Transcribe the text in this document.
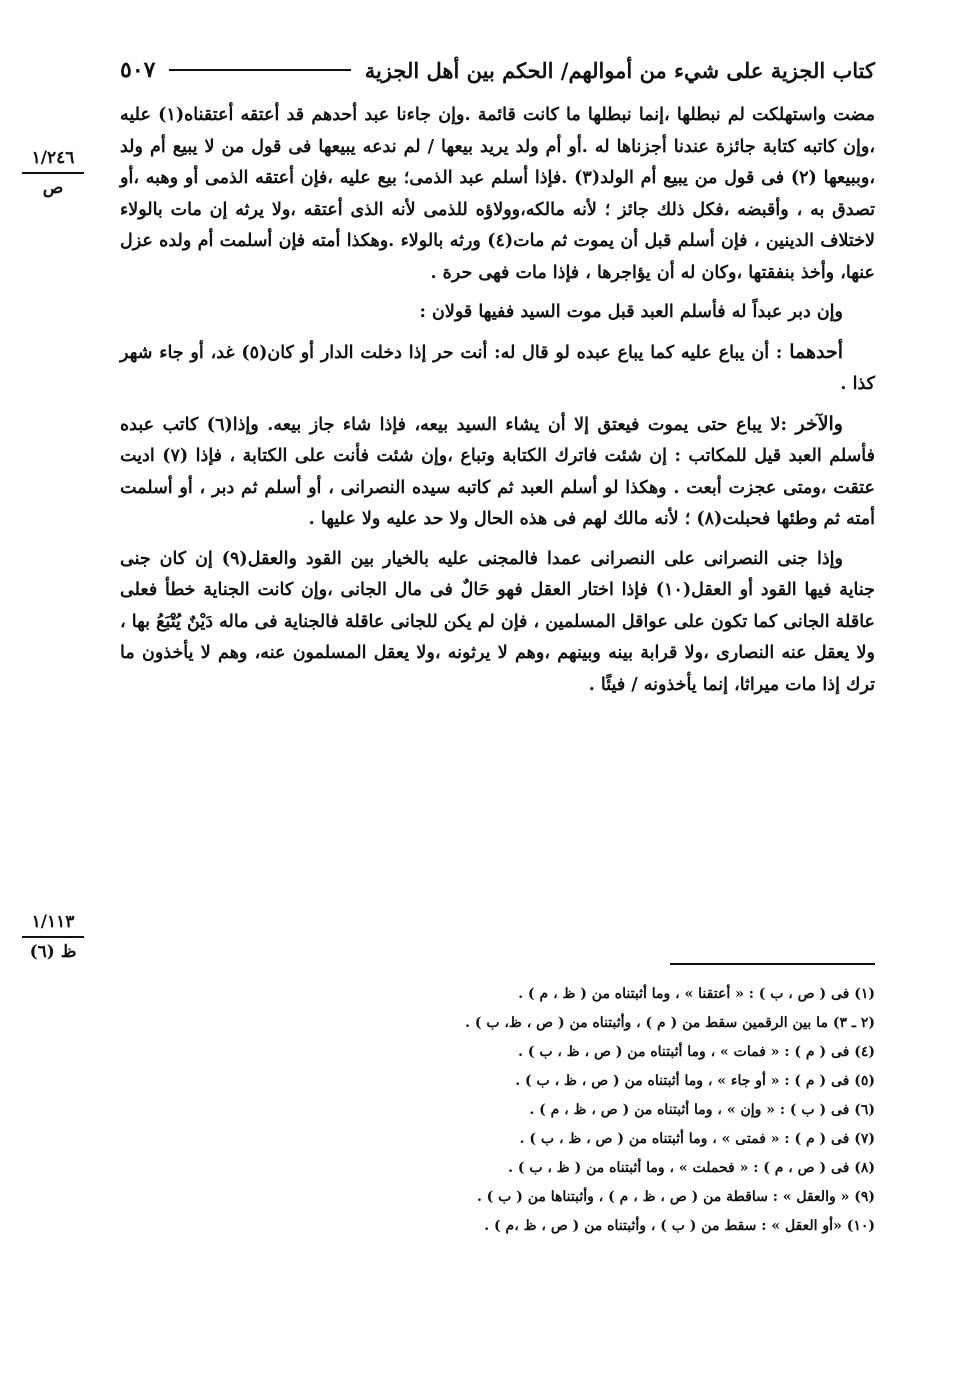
كتاب الجزية على شيء من أموالهم/ الحكم بين أهل الجزية
٥٠٧
١/٢٤٦
ص
١/١١٣
ظ (٦)

مضت واستهلكت لم نبطلها ،إنما نبطلها ما كانت قائمة .وإن جاءنا عبد أحدهم قد أعتقه أعتقناه(١) عليه ،وإن كاتبه كتابة جائزة عندنا أجزناها له .أو أم ولد يريد بيعها / لم ندعه يبيعها فى قول من لا يبيع أم ولد ،وببيعها (٢) فى قول من يبيع أم الولد(٣) .فإذا أسلم عبد الذمى؛ بيع عليه ،فإن أعتقه الذمى أو وهبه ،أو تصدق به ، وأقبضه ،فكل ذلك جائز ؛ لأنه مالكه،وولاؤه للذمى لأنه الذى أعتقه ،ولا يرثه إن مات بالولاء لاختلاف الدينين ، فإن أسلم قبل أن يموت ثم مات(٤) ورثه بالولاء .وهكذا أمته فإن أسلمت أم ولده عزل عنها، وأخذ بنفقتها ،وكان له أن يؤاجرها ، فإذا مات فهى حرة .

وإن دبر عبداً له فأسلم العبد قبل موت السيد ففيها قولان :

أحدهما : أن يباع عليه كما يباع عبده لو قال له: أنت حر إذا دخلت الدار أو كان(٥) غد، أو جاء شهر كذا .

والآخر :لا يباع حتى يموت فيعتق إلا أن يشاء السيد بيعه، فإذا شاء جاز بيعه. وإذا(٦) كاتب عبده فأسلم العبد قيل للمكاتب : إن شئت فاترك الكتابة وتباع ،وإن شئت فأنت على الكتابة ، فإذا (٧) اديت عتقت ،ومتى عجزت أبعت . وهكذا لو أسلم العبد ثم كاتبه سيده النصرانى ، أو أسلم ثم دبر ، أو أسلمت أمته ثم وطئها فحبلت(٨) ؛ لأنه مالك لهم فى هذه الحال ولا حد عليه ولا عليها .

وإذا جنى النصرانى على النصرانى عمدا فالمجنى عليه بالخيار بين القود والعقل(٩) إن كان جنى جناية فيها القود أو العقل(١٠) فإذا اختار العقل فهو حَالٌ فى مال الجانى ،وإن كانت الجناية خطأ فعلى عاقلة الجانى كما تكون على عواقل المسلمين ، فإن لم يكن للجانى عاقلة فالجناية فى ماله دَيْنٌ يُتْبَعُ بها ، ولا يعقل عنه النصارى ،ولا قرابة بينه وبينهم ،وهم لا يرثونه ،ولا يعقل المسلمون عنه، وهم لا يأخذون ما ترك إذا مات ميراثا، إنما يأخذونه / فيئًا .

(١) فى ( ص ، ب ) : « أعتقنا » ، وما أثبتناه من ( ظ ، م ) .
(٢ ـ ٣) ما بين الرقمين سقط من ( م ) ، وأثبتناه من ( ص ، ظ، ب ) .
(٤) فى ( م ) : « فمات » ، وما أثبتناه من ( ص ، ظ ، ب ) .
(٥) فى ( م ) : « أو جاء » ، وما أثبتناه من ( ص ، ظ ، ب ) .
(٦) فى ( ب ) : « وإن » ، وما أثبتناه من ( ص ، ظ ، م ) .
(٧) فى ( م ) : « فمتى » ، وما أثبتناه من ( ص ، ظ ، ب ) .
(٨) فى ( ص ، م ) : « فحملت » ، وما أثبتناه من ( ظ ، ب ) .
(٩) « والعقل » : ساقطة من ( ص ، ظ ، م ) ، وأثبتناها من ( ب ) .
(١٠) «أو العقل » : سقط من ( ب ) ، وأثبتناه من ( ص ، ظ ،م ) .
